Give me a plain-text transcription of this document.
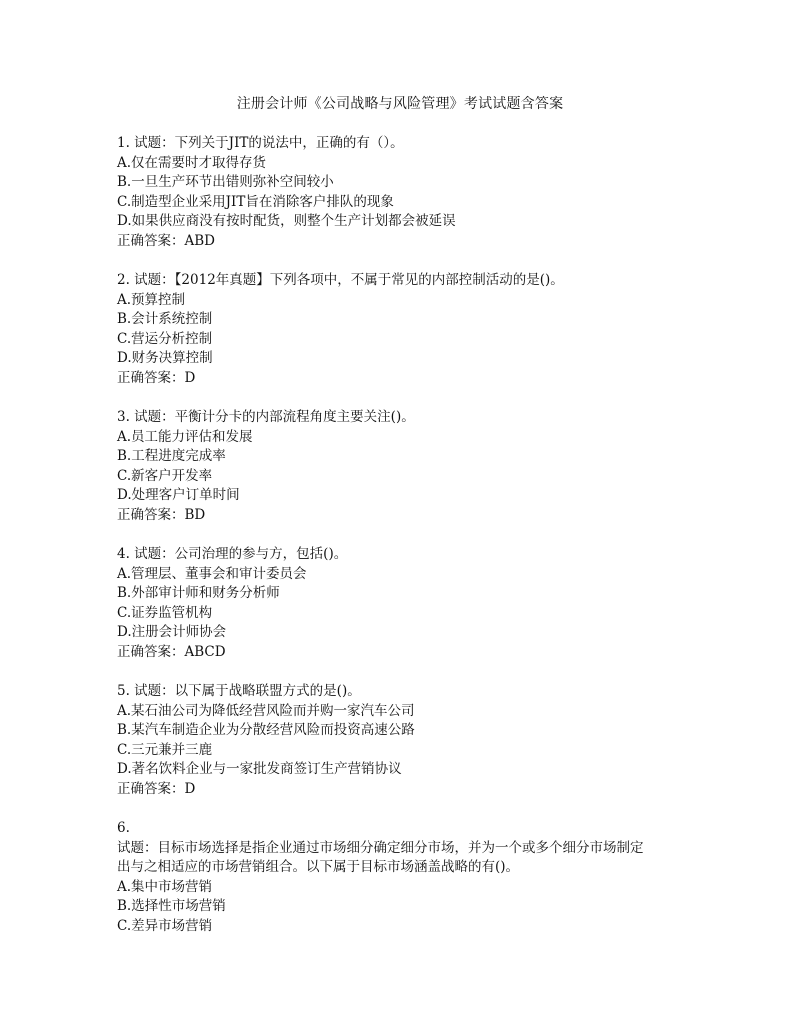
注册会计师《公司战略与风险管理》考试试题含答案
1. 试题：下列关于JIT的说法中，正确的有（）。
A.仅在需要时才取得存货
B.一旦生产环节出错则弥补空间较小
C.制造型企业采用JIT旨在消除客户排队的现象
D.如果供应商没有按时配货，则整个生产计划都会被延误
正确答案：ABD
2. 试题：【2012年真题】下列各项中，不属于常见的内部控制活动的是()。
A.预算控制
B.会计系统控制
C.营运分析控制
D.财务决算控制
正确答案：D
3. 试题：平衡计分卡的内部流程角度主要关注()。
A.员工能力评估和发展
B.工程进度完成率
C.新客户开发率
D.处理客户订单时间
正确答案：BD
4. 试题：公司治理的参与方，包括()。
A.管理层、董事会和审计委员会
B.外部审计师和财务分析师
C.证券监管机构
D.注册会计师协会
正确答案：ABCD
5. 试题：以下属于战略联盟方式的是()。
A.某石油公司为降低经营风险而并购一家汽车公司
B.某汽车制造企业为分散经营风险而投资高速公路
C.三元兼并三鹿
D.著名饮料企业与一家批发商签订生产营销协议
正确答案：D
6.
试题：目标市场选择是指企业通过市场细分确定细分市场，并为一个或多个细分市场制定
出与之相适应的市场营销组合。以下属于目标市场涵盖战略的有()。
A.集中市场营销
B.选择性市场营销
C.差异市场营销
